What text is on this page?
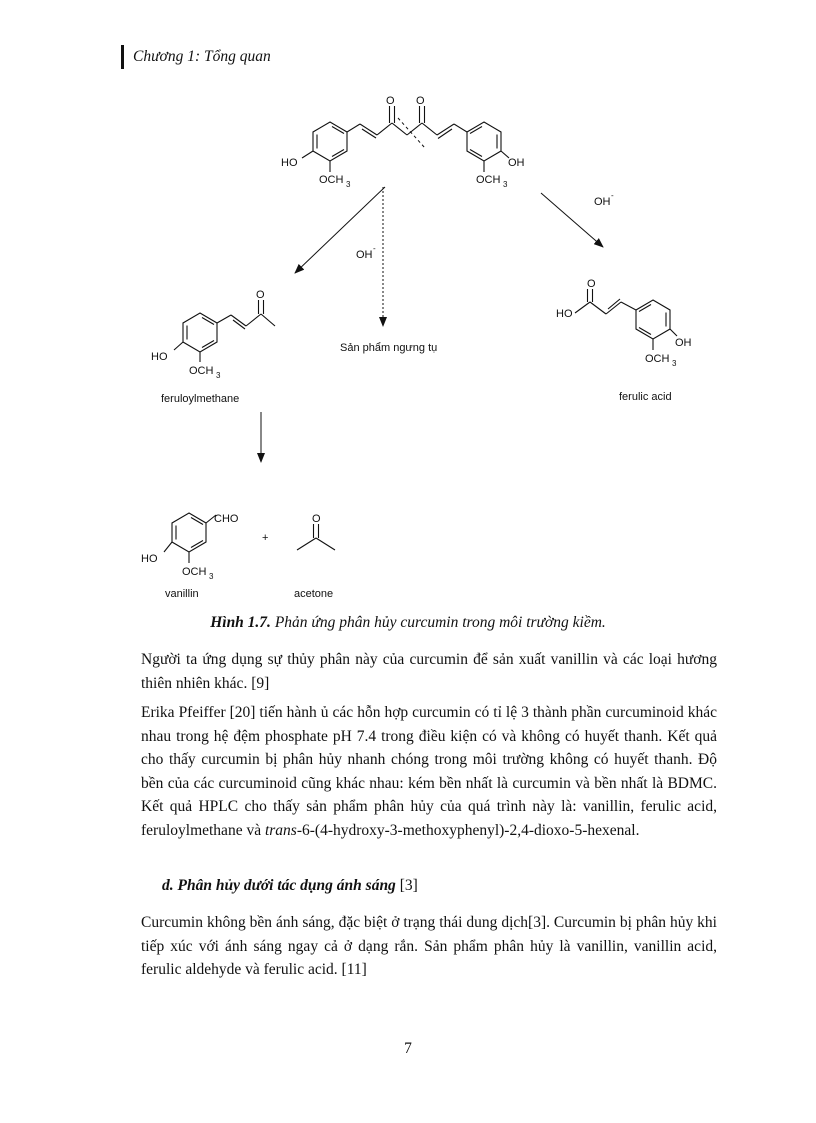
Chương 1: Tổng quan
O O
HO	OH
OCH 3	OCH 3
OH
-
OH
-
Sản phẩm ngưng tụ
O
HO
OCH 3
feruloylmethane
O
HO
OH
OCH 3
ferulic acid
CHO
HO
OCH 3
vanillin
+
O
acetone
Hình 1.7. Phản ứng phân hủy curcumin trong môi trường kiềm.

Người ta ứng dụng sự thủy phân này của curcumin để sản xuất vanillin và các loại hương thiên nhiên khác. [9]

Erika Pfeiffer [20] tiến hành ủ các hỗn hợp curcumin có tỉ lệ 3 thành phần curcuminoid khác nhau trong hệ đệm phosphate pH 7.4 trong điều kiện có và không có huyết thanh. Kết quả cho thấy curcumin bị phân hủy nhanh chóng trong môi trường không có huyết thanh. Độ bền của các curcuminoid cũng khác nhau: kém bền nhất là curcumin và bền nhất là BDMC. Kết quả HPLC cho thấy sản phẩm phân hủy của quá trình này là: vanillin, ferulic acid, feruloylmethane và trans-6-(4-hydroxy-3-methoxyphenyl)-2,4-dioxo-5-hexenal.

d. Phân hủy dưới tác dụng ánh sáng [3]

Curcumin không bền ánh sáng, đặc biệt ở trạng thái dung dịch[3]. Curcumin bị phân hủy khi tiếp xúc với ánh sáng ngay cả ở dạng rắn. Sản phẩm phân hủy là vanillin, vanillin acid, ferulic aldehyde và ferulic acid. [11]

7
